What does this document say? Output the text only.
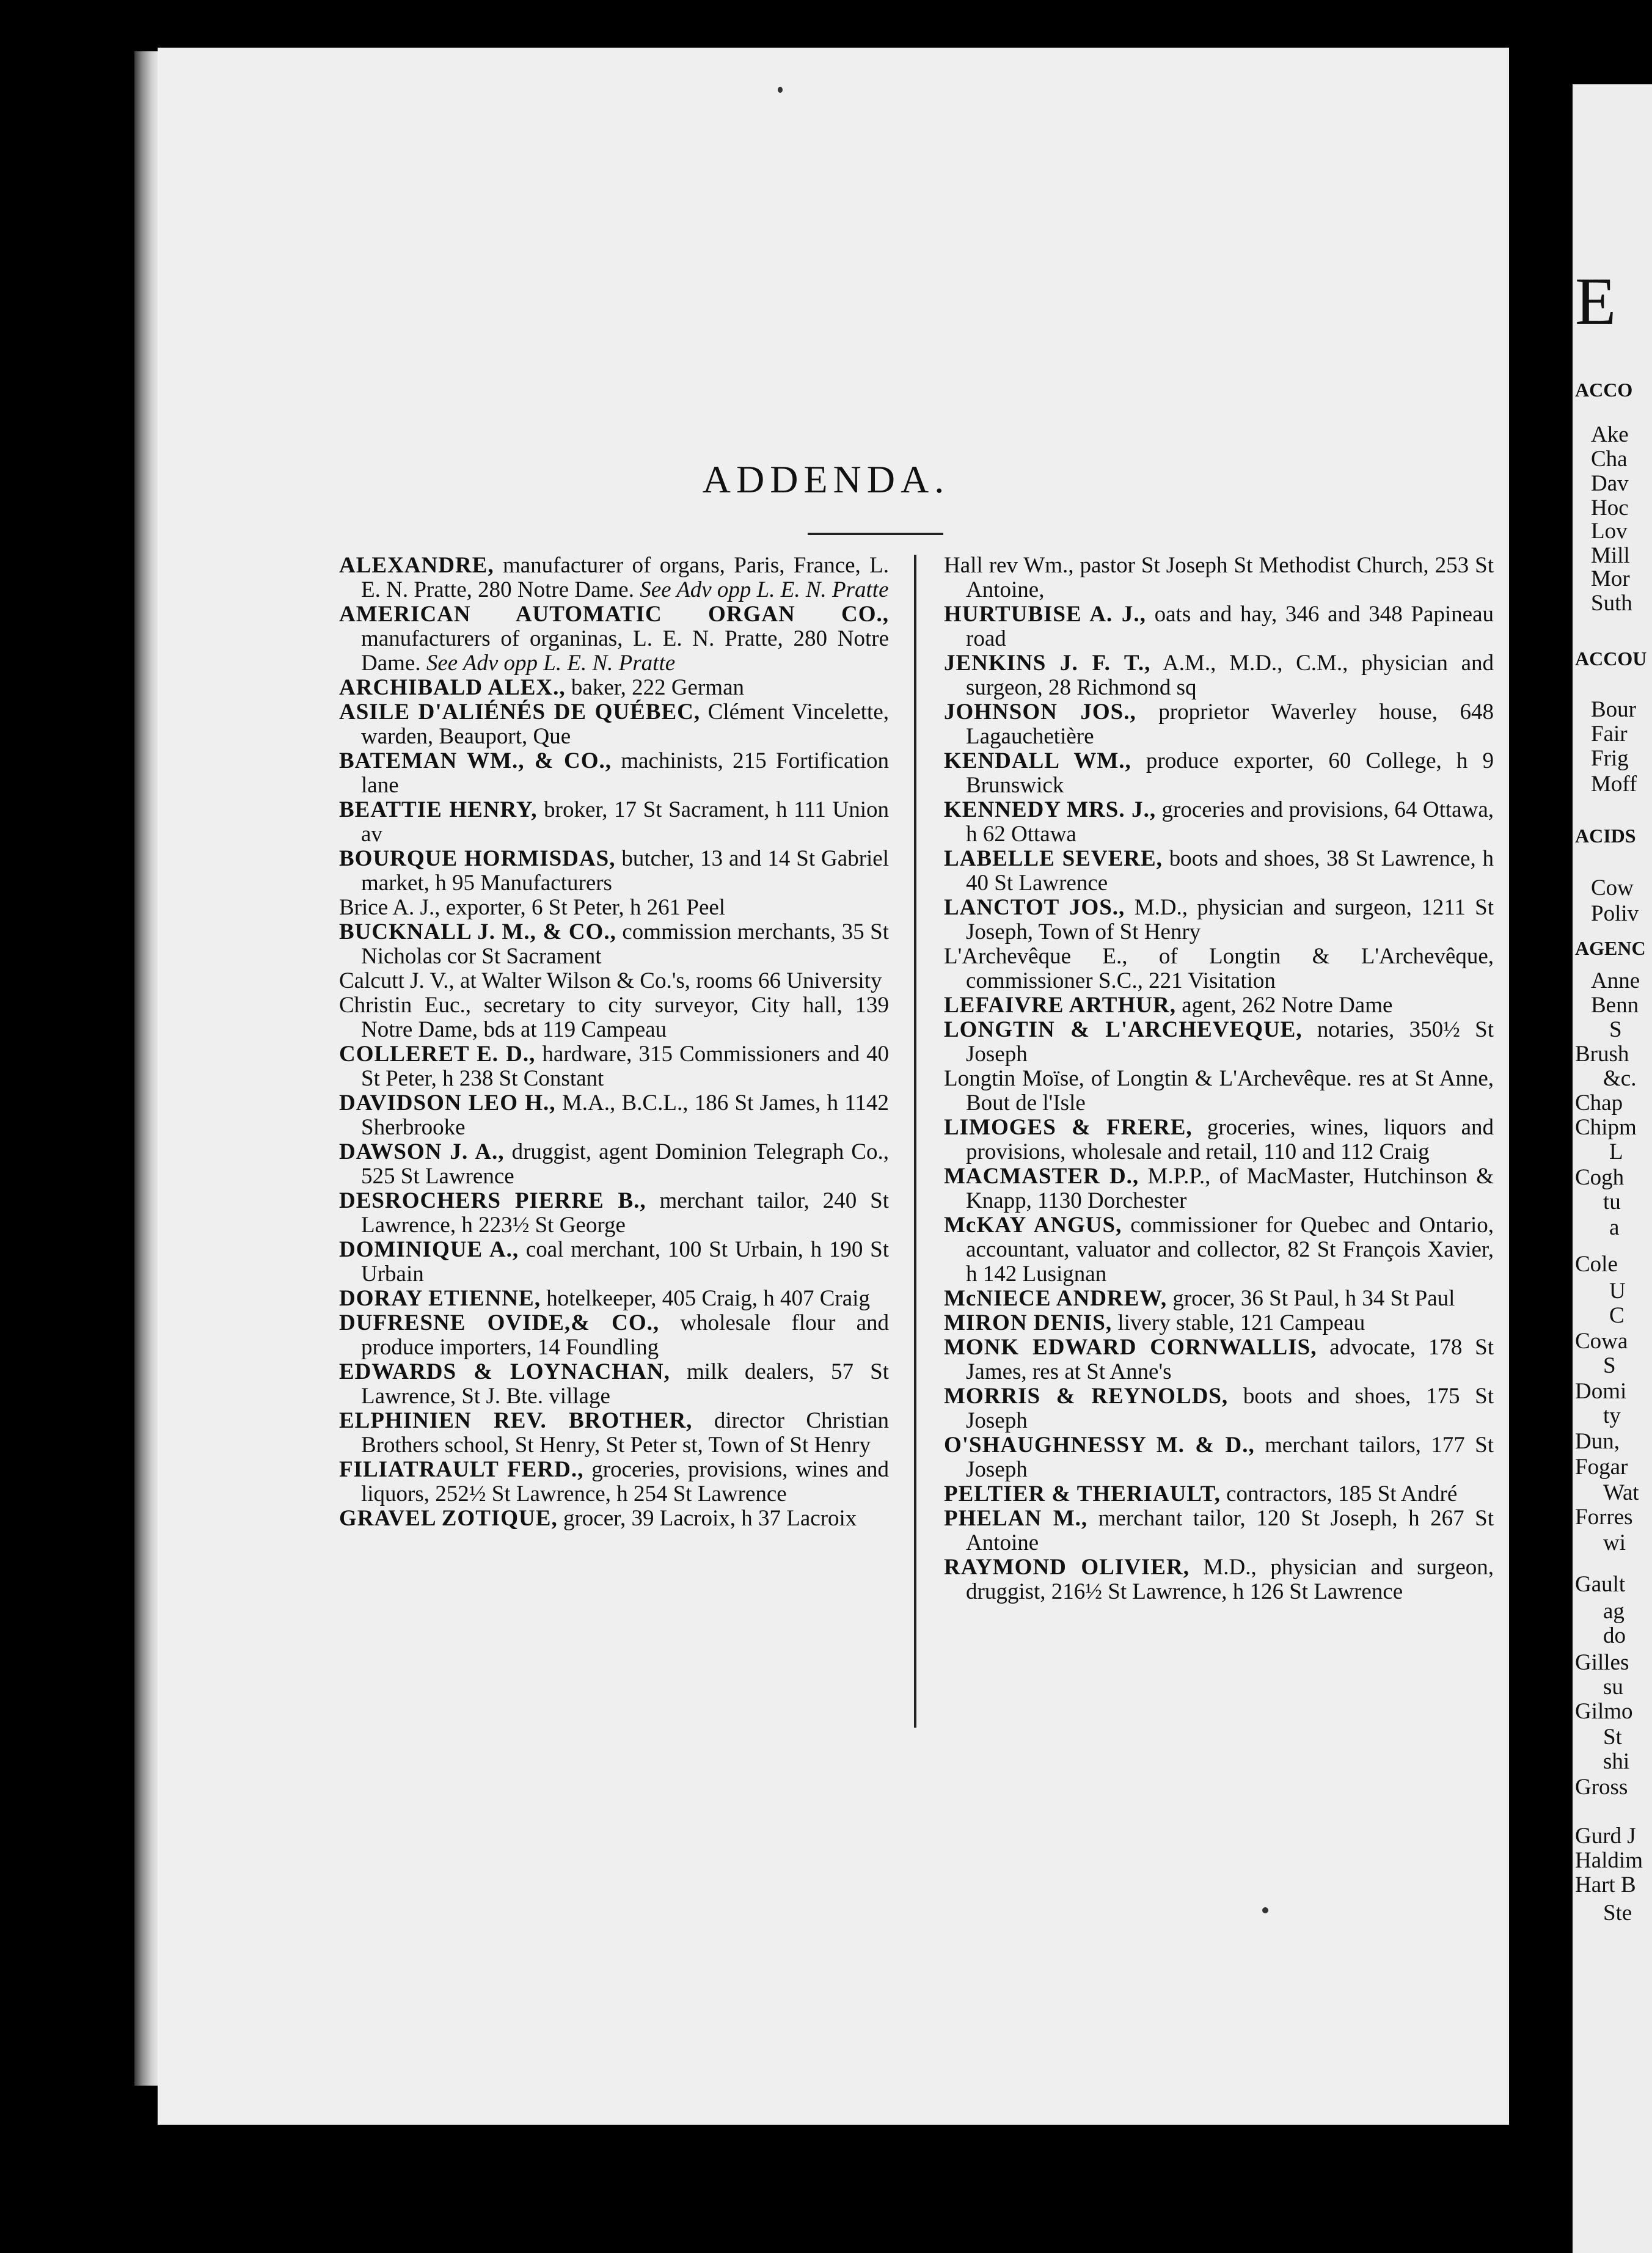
ADDENDA.

ALEXANDRE, manufacturer of organs, Paris, France, L. E. N. Pratte, 280 Notre Dame. See Adv opp L. E. N. Pratte

AMERICAN AUTOMATIC ORGAN CO., manufacturers of organinas, L. E. N. Pratte, 280 Notre Dame. See Adv opp L. E. N. Pratte

ARCHIBALD ALEX., baker, 222 German

ASILE D'ALIÉNÉS DE QUÉBEC, Clément Vincelette, warden, Beauport, Que

BATEMAN WM., & CO., machinists, 215 Fortification lane

BEATTIE HENRY, broker, 17 St Sacrament, h 111 Union av

BOURQUE HORMISDAS, butcher, 13 and 14 St Gabriel market, h 95 Manufacturers

Brice A. J., exporter, 6 St Peter, h 261 Peel

BUCKNALL J. M., & CO., commission merchants, 35 St Nicholas cor St Sacrament

Calcutt J. V., at Walter Wilson & Co.'s, rooms 66 University

Christin Euc., secretary to city surveyor, City hall, 139 Notre Dame, bds at 119 Campeau

COLLERET E. D., hardware, 315 Commissioners and 40 St Peter, h 238 St Constant

DAVIDSON LEO H., M.A., B.C.L., 186 St James, h 1142 Sherbrooke

DAWSON J. A., druggist, agent Dominion Telegraph Co., 525 St Lawrence

DESROCHERS PIERRE B., merchant tailor, 240 St Lawrence, h 223½ St George

DOMINIQUE A., coal merchant, 100 St Urbain, h 190 St Urbain

DORAY ETIENNE, hotelkeeper, 405 Craig, h 407 Craig

DUFRESNE OVIDE,& CO., wholesale flour and produce importers, 14 Foundling

EDWARDS & LOYNACHAN, milk dealers, 57 St Lawrence, St J. Bte. village

ELPHINIEN REV. BROTHER, director Christian Brothers school, St Henry, St Peter st, Town of St Henry

FILIATRAULT FERD., groceries, provisions, wines and liquors, 252½ St Lawrence, h 254 St Lawrence

GRAVEL ZOTIQUE, grocer, 39 Lacroix, h 37 Lacroix

Hall rev Wm., pastor St Joseph St Methodist Church, 253 St Antoine,

HURTUBISE A. J., oats and hay, 346 and 348 Papineau road

JENKINS J. F. T., A.M., M.D., C.M., physician and surgeon, 28 Richmond sq

JOHNSON JOS., proprietor Waverley house, 648 Lagauchetière

KENDALL WM., produce exporter, 60 College, h 9 Brunswick

KENNEDY MRS. J., groceries and provisions, 64 Ottawa, h 62 Ottawa

LABELLE SEVERE, boots and shoes, 38 St Lawrence, h 40 St Lawrence

LANCTOT JOS., M.D., physician and surgeon, 1211 St Joseph, Town of St Henry

L'Archevêque E., of Longtin & L'Archevêque, commissioner S.C., 221 Visitation

LEFAIVRE ARTHUR, agent, 262 Notre Dame

LONGTIN & L'ARCHEVEQUE, notaries, 350½ St Joseph

Longtin Moïse, of Longtin & L'Archevêque. res at St Anne, Bout de l'Isle

LIMOGES & FRERE, groceries, wines, liquors and provisions, wholesale and retail, 110 and 112 Craig

MACMASTER D., M.P.P., of MacMaster, Hutchinson & Knapp, 1130 Dorchester

McKAY ANGUS, commissioner for Quebec and Ontario, accountant, valuator and collector, 82 St François Xavier, h 142 Lusignan

McNIECE ANDREW, grocer, 36 St Paul, h 34 St Paul

MIRON DENIS, livery stable, 121 Campeau

MONK EDWARD CORNWALLIS, advocate, 178 St James, res at St Anne's

MORRIS & REYNOLDS, boots and shoes, 175 St Joseph

O'SHAUGHNESSY M. & D., merchant tailors, 177 St Joseph

PELTIER & THERIAULT, contractors, 185 St André

PHELAN M., merchant tailor, 120 St Joseph, h 267 St Antoine

RAYMOND OLIVIER, M.D., physician and surgeon, druggist, 216½ St Lawrence, h 126 St Lawrence

E
ACCO
Ake
Cha
Dav
Hoc
Lov
Mill
Mor
Suth
ACCOU
Bour
Fair
Frig
Moff
ACIDS
Cow
Poliv
AGENC
Anne
Benn
S
Brush
&c.
Chap
Chipm
L
Cogh
tu
a
Cole
U
C
Cowa
S
Domi
ty
Dun,
Fogar
Wat
Forres
wi
Gault
ag
do
Gilles
su
Gilmo
St
shi
Gross
Gurd J
Haldim
Hart B
Ste
